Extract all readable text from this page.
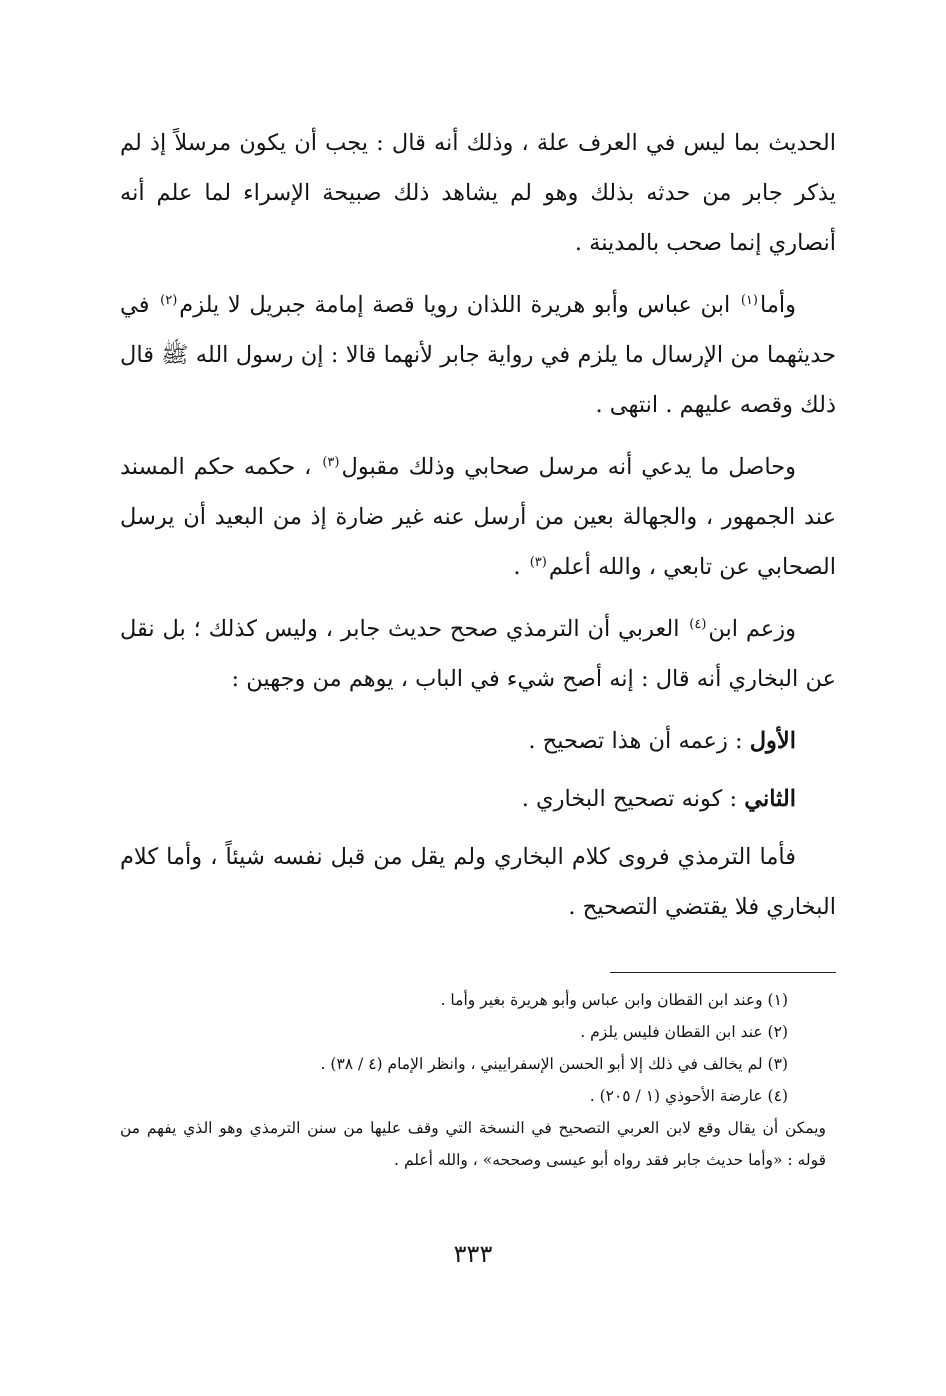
الحديث بما ليس في العرف علة ، وذلك أنه قال : يجب أن يكون مرسلاً إذ لم يذكر جابر من حدثه بذلك وهو لم يشاهد ذلك صبيحة الإسراء لما علم أنه أنصاري إنما صحب بالمدينة .

وأما$^{(١)}$ ابن عباس وأبو هريرة اللذان رويا قصة إمامة جبريل لا يلزم$^{(٢)}$ في حديثهما من الإرسال ما يلزم في رواية جابر لأنهما قالا : إن رسول الله ﷺ قال ذلك وقصه عليهم . انتهى .

وحاصل ما يدعي أنه مرسل صحابي وذلك مقبول$^{(٣)}$ ، حكمه حكم المسند عند الجمهور ، والجهالة بعين من أرسل عنه غير ضارة إذ من البعيد أن يرسل الصحابي عن تابعي ، والله أعلم$^{(٣)}$ .

وزعم ابن$^{(٤)}$ العربي أن الترمذي صحح حديث جابر ، وليس كذلك ؛ بل نقل عن البخاري أنه قال : إنه أصح شيء في الباب ، يوهم من وجهين :

الأول : زعمه أن هذا تصحيح .

الثاني : كونه تصحيح البخاري .

فأما الترمذي فروى كلام البخاري ولم يقل من قبل نفسه شيئاً ، وأما كلام البخاري فلا يقتضي التصحيح .

(١) وعند ابن القطان وابن عباس وأبو هريرة بغير وأما .

(٢) عند ابن القطان فليس يلزم .

(٣) لم يخالف في ذلك إلا أبو الحسن الإسفراييني ، وانظر الإمام (٤ / ٣٨) .

(٤) عارضة الأحوذي (١ / ٢٠٥) .

ويمكن أن يقال وقع لابن العربي التصحيح في النسخة التي وقف عليها من سنن الترمذي وهو الذي يفهم من قوله : «وأما حديث جابر فقد رواه أبو عيسى وصححه» ، والله أعلم .

٣٣٣
